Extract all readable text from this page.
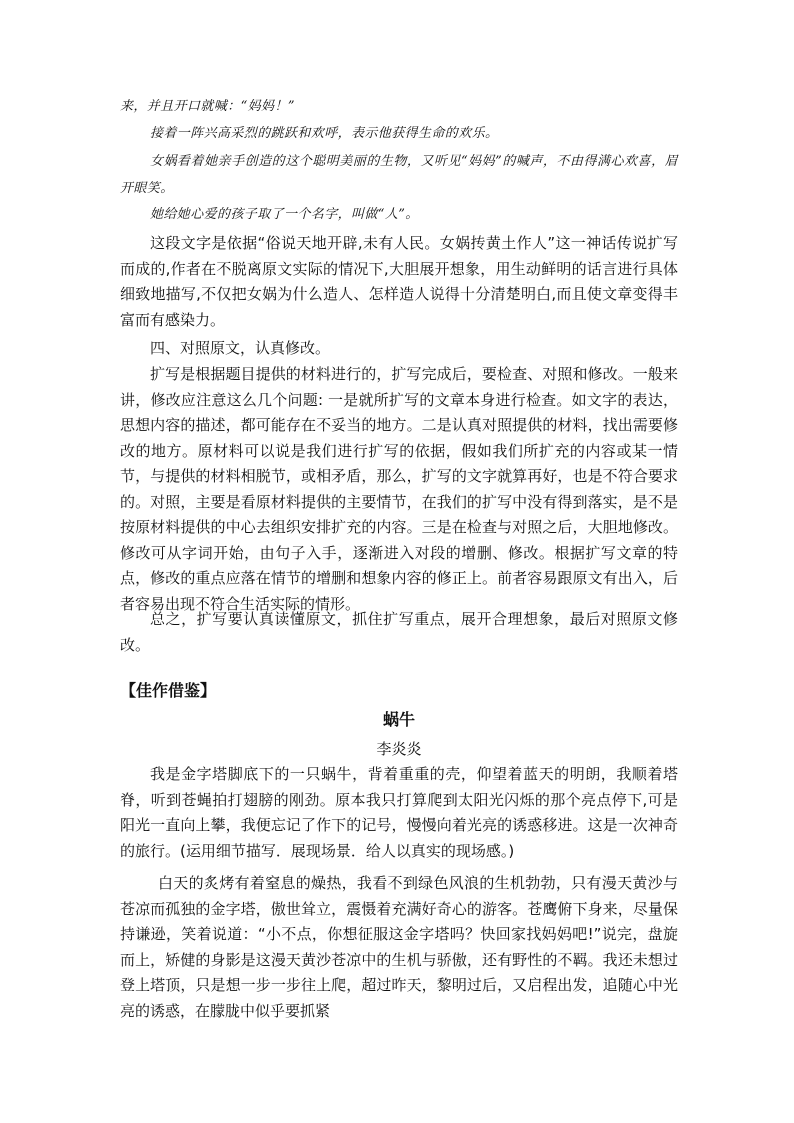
来，并且开口就喊：“妈妈！”

接着一阵兴高采烈的跳跃和欢呼，表示他获得生命的欢乐。

女娲看着她亲手创造的这个聪明美丽的生物，又听见“妈妈”的喊声，不由得满心欢喜，眉开眼笑。

她给她心爱的孩子取了一个名字，叫做“人”。

这段文字是依据“俗说天地开辟,未有人民。女娲抟黄土作人”这一神话传说扩写而成的,作者在不脱离原文实际的情况下,大胆展开想象，用生动鲜明的话言进行具体细致地描写,不仅把女娲为什么造人、怎样造人说得十分清楚明白,而且使文章变得丰富而有感染力。

四、对照原文，认真修改。

扩写是根据题目提供的材料进行的，扩写完成后，要检查、对照和修改。一般来讲，修改应注意这么几个问题: 一是就所扩写的文章本身进行检查。如文字的表达，思想内容的描述，都可能存在不妥当的地方。二是认真对照提供的材料，找出需要修改的地方。原材料可以说是我们进行扩写的依据，假如我们所扩充的内容或某一情节，与提供的材料相脱节，或相矛盾，那么，扩写的文字就算再好，也是不符合要求的。对照，主要是看原材料提供的主要情节，在我们的扩写中没有得到落实，是不是按原材料提供的中心去组织安排扩充的内容。三是在检查与对照之后，大胆地修改。修改可从字词开始，由句子入手，逐渐进入对段的增删、修改。根据扩写文章的特点，修改的重点应落在情节的增删和想象内容的修正上。前者容易跟原文有出入，后者容易出现不符合生活实际的情形。

总之，扩写要认真读懂原文，抓住扩写重点，展开合理想象，最后对照原文修改。

【佳作借鉴】

蜗牛

李炎炎

我是金字塔脚底下的一只蜗牛，背着重重的壳，仰望着蓝天的明朗，我顺着塔脊，听到苍蝇拍打翅膀的刚劲。原本我只打算爬到太阳光闪烁的那个亮点停下,可是阳光一直向上攀，我便忘记了作下的记号，慢慢向着光亮的诱惑移进。这是一次神奇的旅行。(运用细节描写．展现场景．给人以真实的现场感。)

白天的炙烤有着窒息的燥热，我看不到绿色风浪的生机勃勃，只有漫天黄沙与苍凉而孤独的金字塔，傲世耸立，震慑着充满好奇心的游客。苍鹰俯下身来，尽量保持谦逊，笑着说道：“小不点，你想征服这金字塔吗？快回家找妈妈吧!”说完，盘旋而上，矫健的身影是这漫天黄沙苍凉中的生机与骄傲，还有野性的不羁。我还未想过登上塔顶，只是想一步一步往上爬，超过昨天，黎明过后，又启程出发，追随心中光亮的诱惑，在朦胧中似乎要抓紧
